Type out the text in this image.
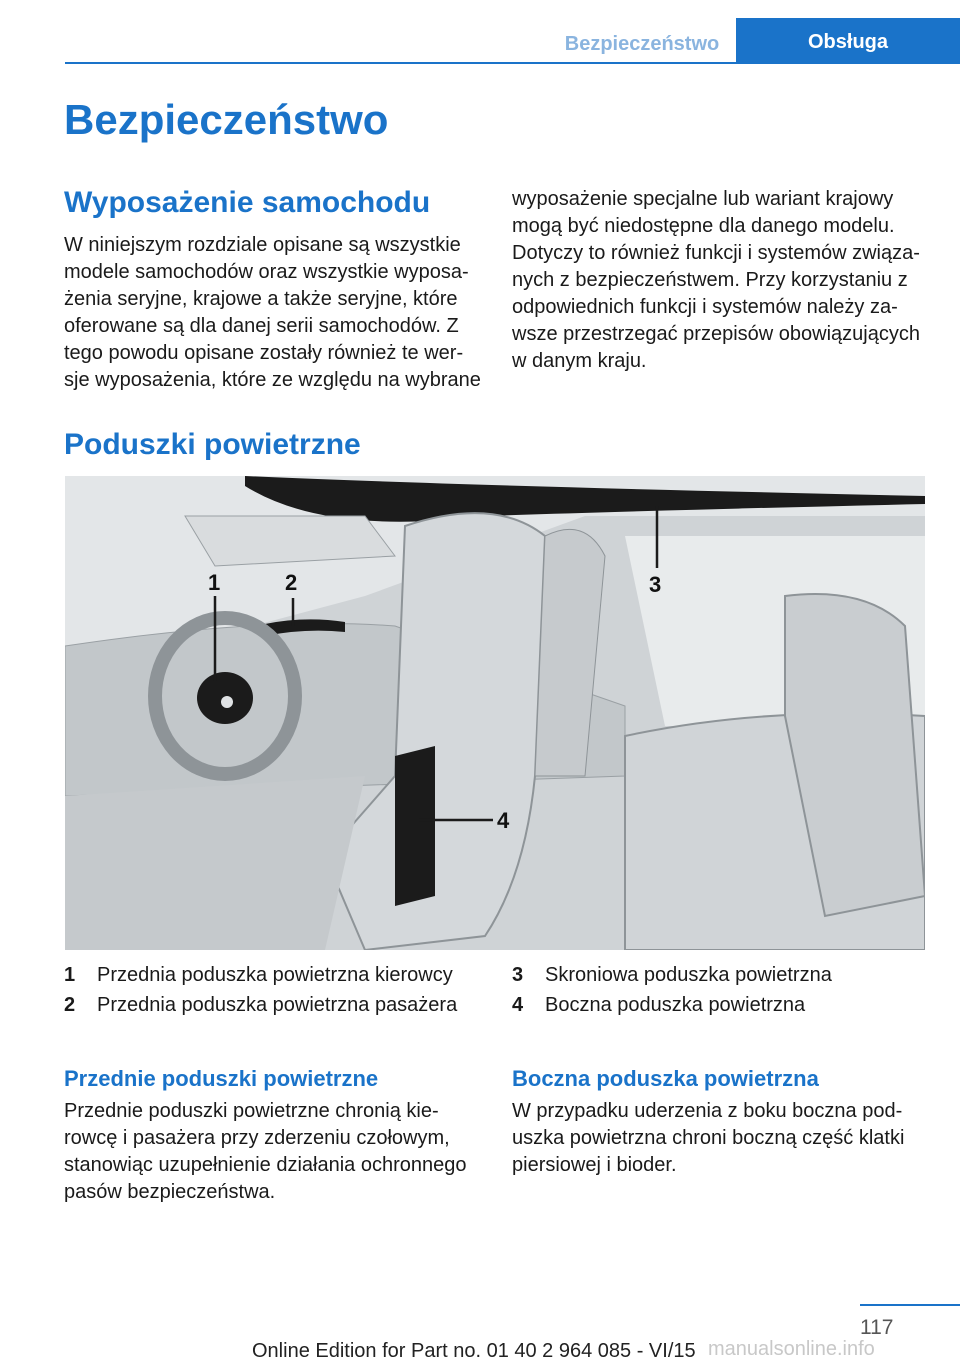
Bezpieczeństwo	Obsługa
Bezpieczeństwo
Wyposażenie samochodu
W niniejszym rozdziale opisane są wszystkie
modele samochodów oraz wszystkie wyposa‐
żenia seryjne, krajowe a także seryjne, które
oferowane są dla danej serii samochodów. Z
tego powodu opisane zostały również te wer‐
sje wyposażenia, które ze względu na wybrane
wyposażenie specjalne lub wariant krajowy
mogą być niedostępne dla danego modelu.
Dotyczy to również funkcji i systemów związa‐
nych z bezpieczeństwem. Przy korzystaniu z
odpowiednich funkcji i systemów należy za‐
wsze przestrzegać przepisów obowiązujących
w danym kraju.
Poduszki powietrzne
1	2	3
4
1	Przednia poduszka powietrzna kierowcy
2	Przednia poduszka powietrzna pasażera
3	Skroniowa poduszka powietrzna
4	Boczna poduszka powietrzna
Przednie poduszki powietrzne
Przednie poduszki powietrzne chronią kie‐
rowcę i pasażera przy zderzeniu czołowym,
stanowiąc uzupełnienie działania ochronnego
pasów bezpieczeństwa.
Boczna poduszka powietrzna
W przypadku uderzenia z boku boczna pod‐
uszka powietrzna chroni boczną część klatki
piersiowej i bioder.
117
Online Edition for Part no. 01 40 2 964 085 - VI/15 manualsonline.info
